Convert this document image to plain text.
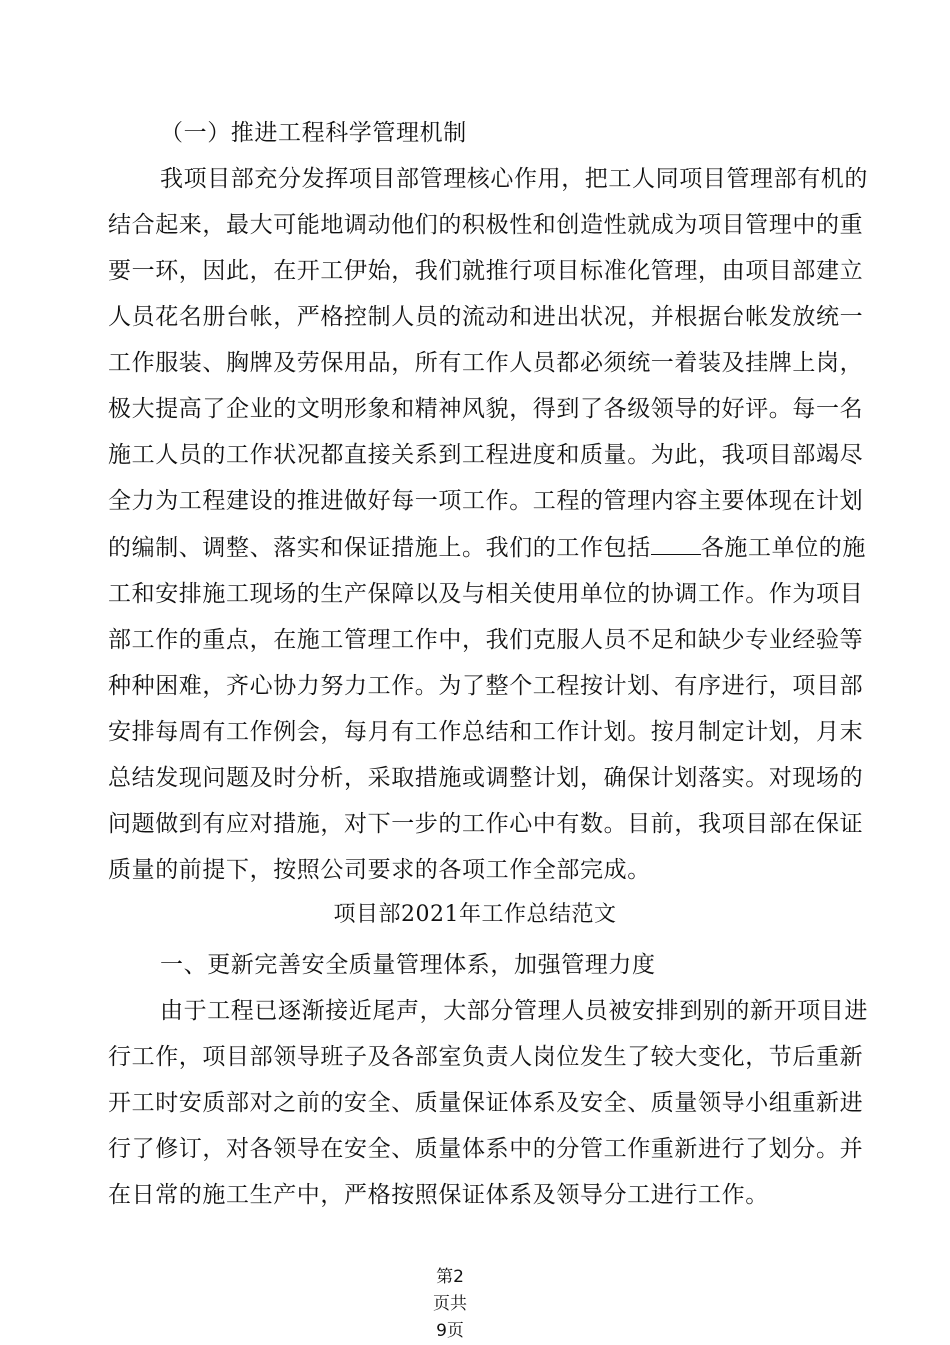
（一）推进工程科学管理机制
我项目部充分发挥项目部管理核心作用，把工人同项目管理部有机的
结合起来，最大可能地调动他们的积极性和创造性就成为项目管理中的重
要一环，因此，在开工伊始，我们就推行项目标准化管理，由项目部建立
人员花名册台帐，严格控制人员的流动和进出状况，并根据台帐发放统一
工作服装、胸牌及劳保用品，所有工作人员都必须统一着装及挂牌上岗，
极大提高了企业的文明形象和精神风貌，得到了各级领导的好评。每一名
施工人员的工作状况都直接关系到工程进度和质量。为此，我项目部竭尽
全力为工程建设的推进做好每一项工作。工程的管理内容主要体现在计划
的编制、调整、落实和保证措施上。我们的工作包括 各施工单位的施
工和安排施工现场的生产保障以及与相关使用单位的协调工作。作为项目
部工作的重点，在施工管理工作中，我们克服人员不足和缺少专业经验等
种种困难，齐心协力努力工作。为了整个工程按计划、有序进行，项目部
安排每周有工作例会，每月有工作总结和工作计划。按月制定计划，月末
总结发现问题及时分析，采取措施或调整计划，确保计划落实。对现场的
问题做到有应对措施，对下一步的工作心中有数。目前，我项目部在保证
质量的前提下，按照公司要求的各项工作全部完成。
项目部2021年工作总结范文
一、更新完善安全质量管理体系，加强管理力度
由于工程已逐渐接近尾声，大部分管理人员被安排到别的新开项目进
行工作，项目部领导班子及各部室负责人岗位发生了较大变化，节后重新
开工时安质部对之前的安全、质量保证体系及安全、质量领导小组重新进
行了修订，对各领导在安全、质量体系中的分管工作重新进行了划分。并
在日常的施工生产中，严格按照保证体系及领导分工进行工作。
第2
页共
9页
